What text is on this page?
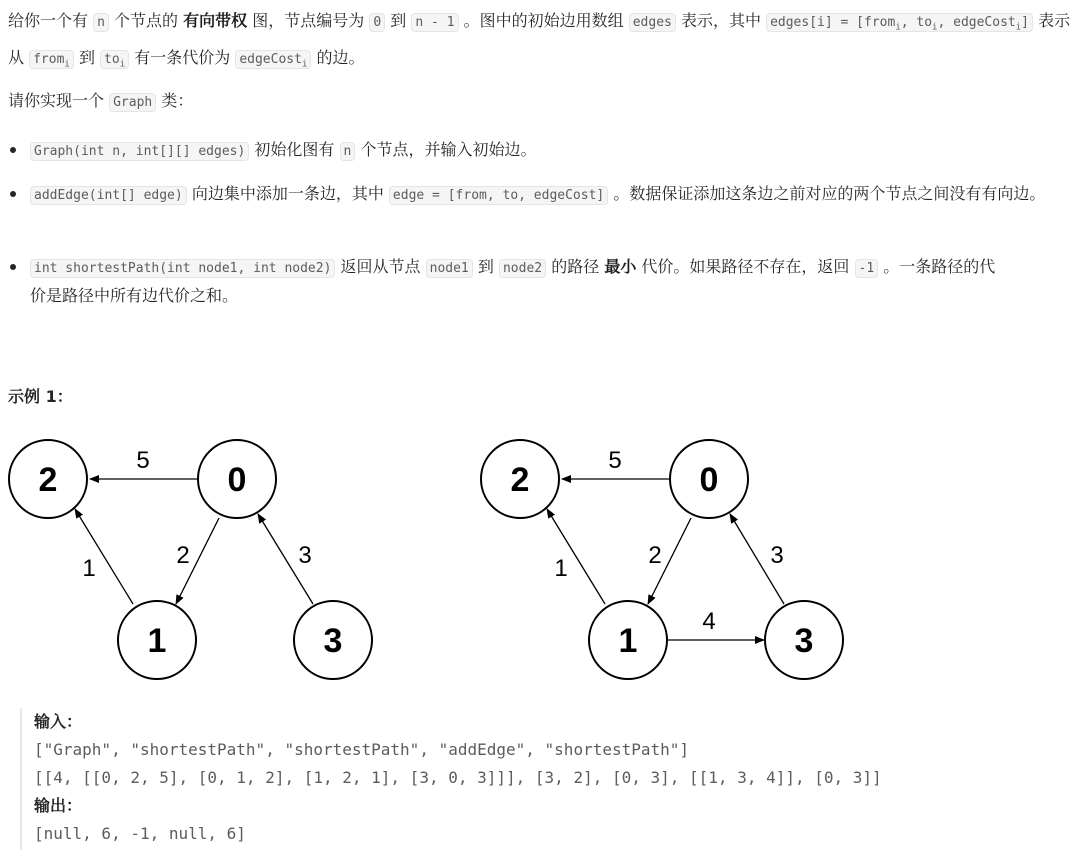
给你一个有 n 个节点的 有向带权 图，节点编号为 0 到 n - 1 。图中的初始边用数组 edges 表示，其中 edges[i] = [from$_i$, $to_i$, edgeCost$_i$] 表示从 from$_i$ 到 $to_i$ 有一条代价为 edgeCost$_i$ 的边。
请你实现一个 Graph 类：
Graph(int n, int[][] edges) 初始化图有 n 个节点，并输入初始边。
addEdge(int[] edge) 向边集中添加一条边，其中 edge = [from, to, edgeCost] 。数据保证添加这条边之前对应的两个节点之间没有有向边。
int shortestPath(int node1, int node2) 返回从节点 node1 到 node2 的路径 最小 代价。如果路径不存在，返回 -1 。一条路径的代价是路径中所有边代价之和。
示例 1：
5
2
1	3
2	0
1	3
5
2
1	3
4
2	0
1	3
输入：
["Graph", "shortestPath", "shortestPath", "addEdge", "shortestPath"]
[[4, [[0, 2, 5], [0, 1, 2], [1, 2, 1], [3, 0, 3]]], [3, 2], [0, 3], [[1, 3, 4]], [0, 3]]
输出：
[null, 6, -1, null, 6]
